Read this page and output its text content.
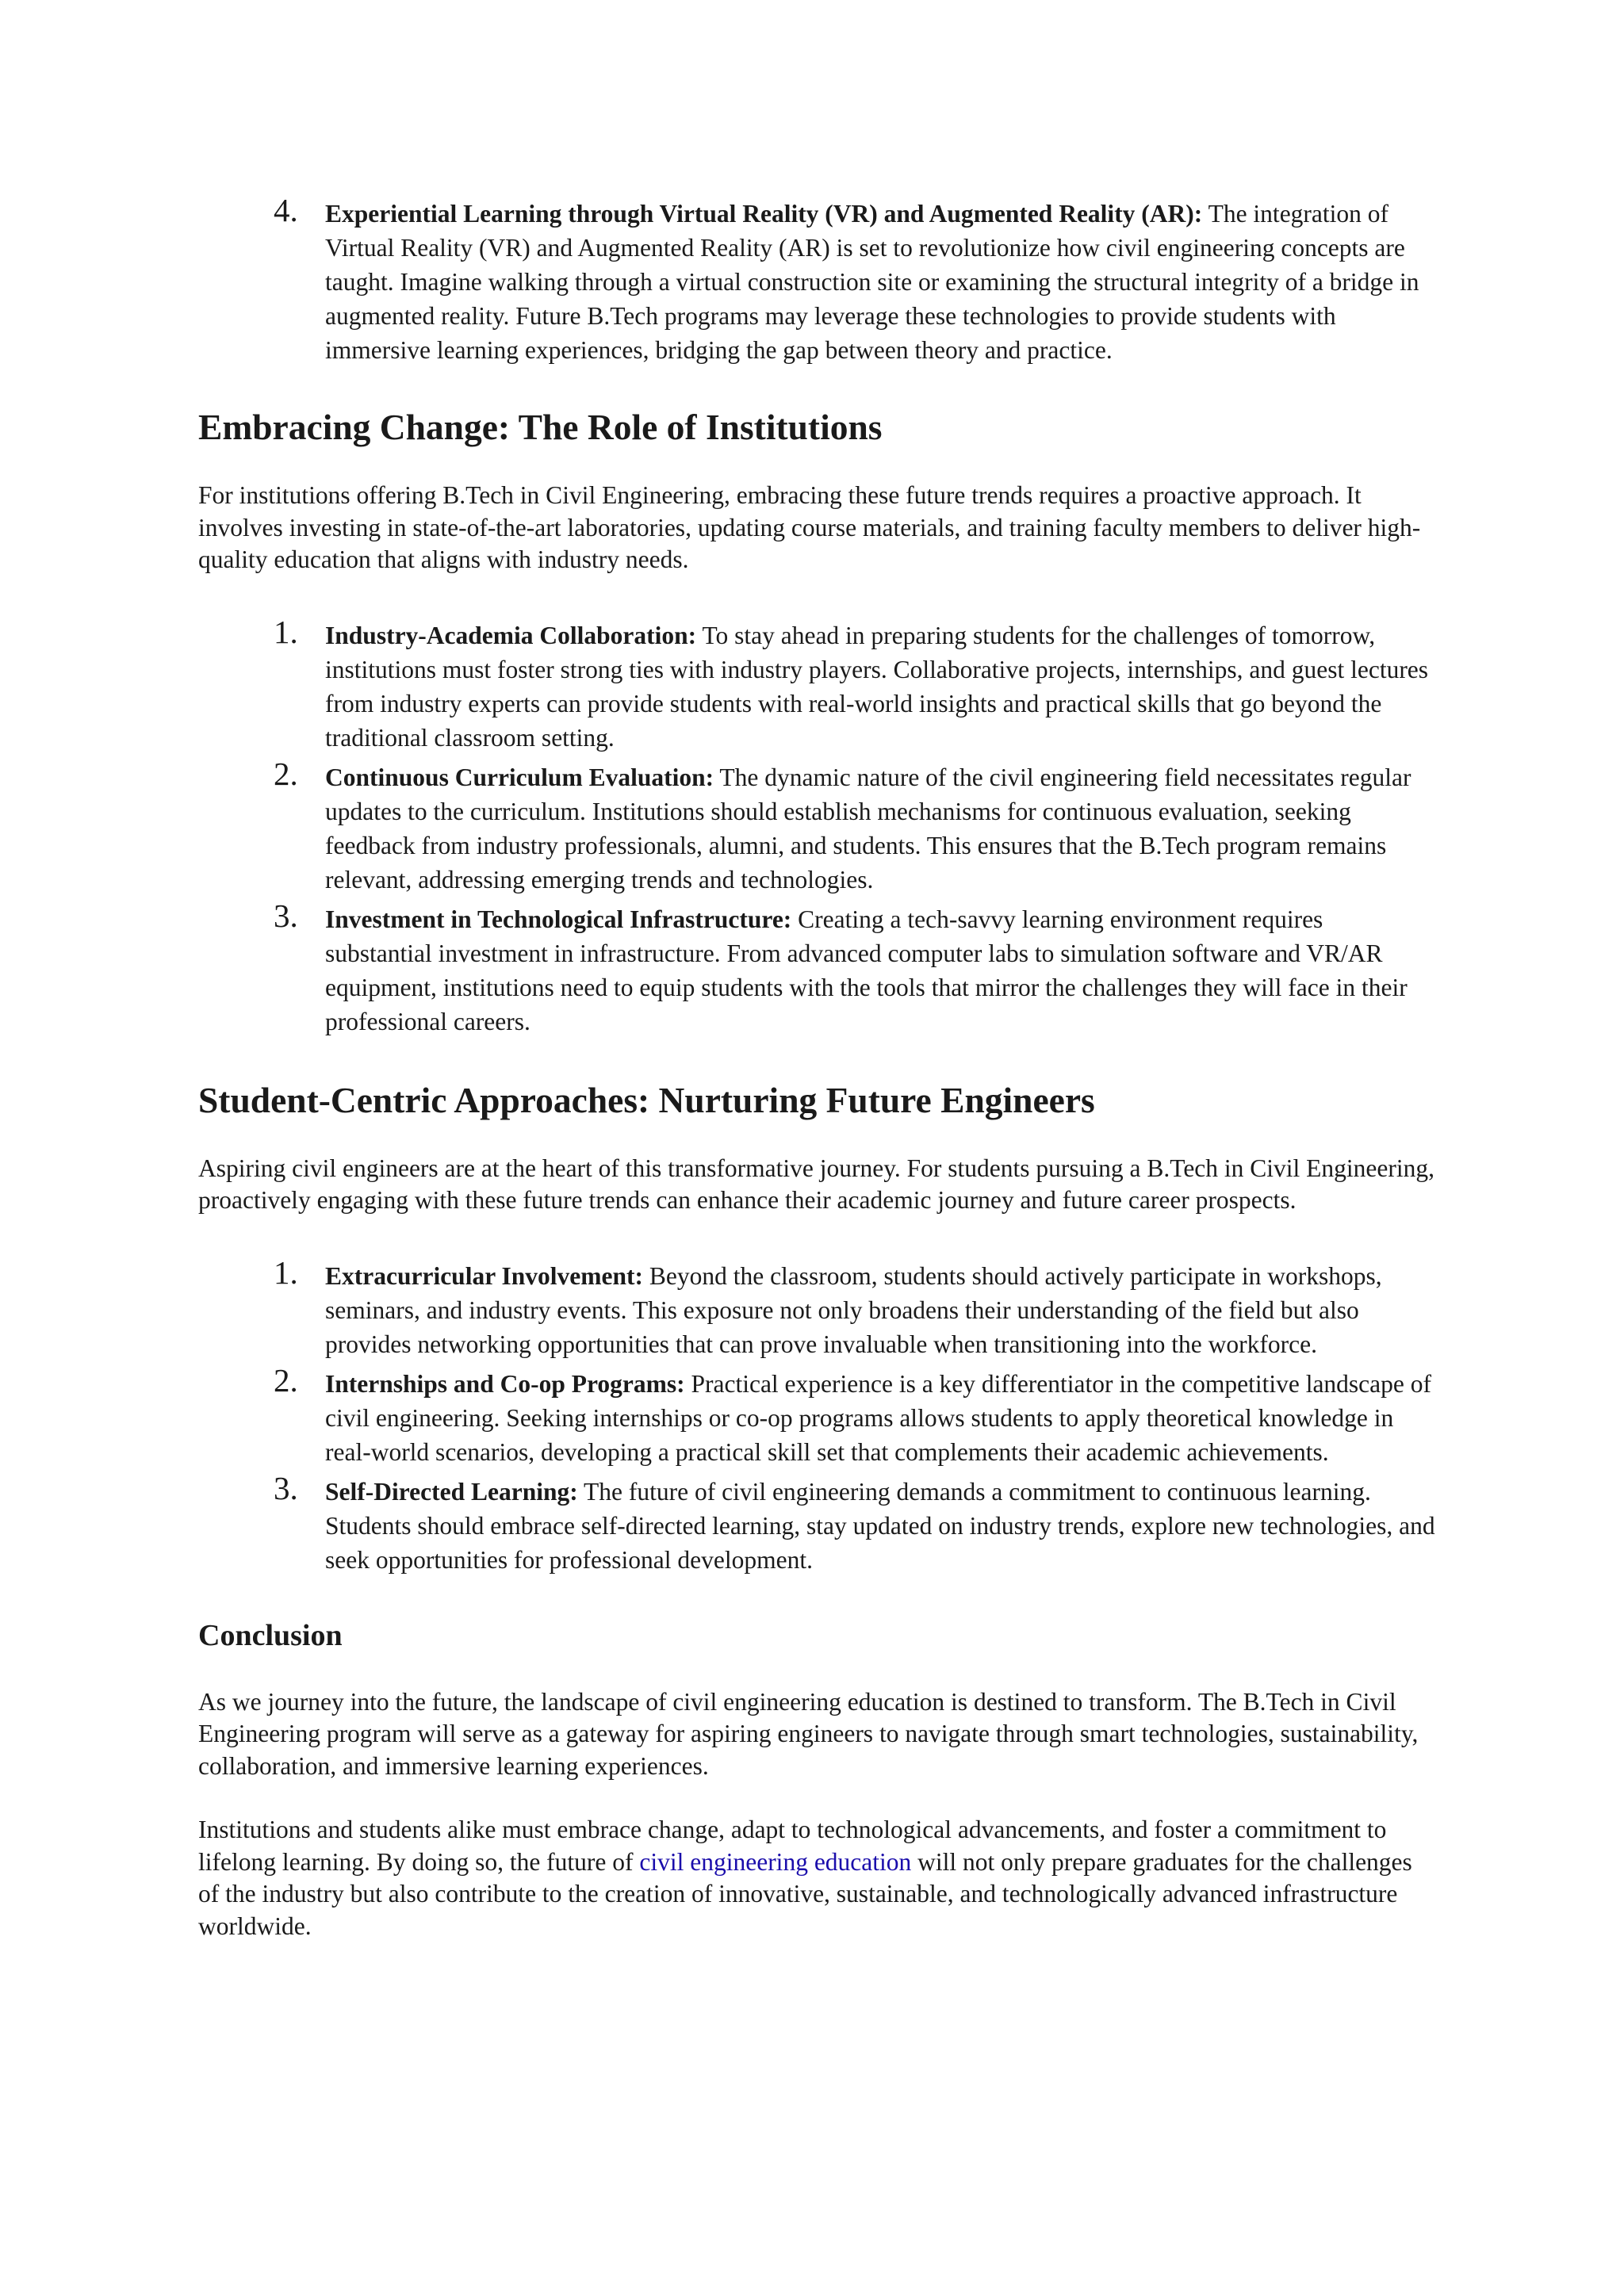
4. Experiential Learning through Virtual Reality (VR) and Augmented Reality (AR): The integration of Virtual Reality (VR) and Augmented Reality (AR) is set to revolutionize how civil engineering concepts are taught. Imagine walking through a virtual construction site or examining the structural integrity of a bridge in augmented reality. Future B.Tech programs may leverage these technologies to provide students with immersive learning experiences, bridging the gap between theory and practice.
Embracing Change: The Role of Institutions

For institutions offering B.Tech in Civil Engineering, embracing these future trends requires a proactive approach. It involves investing in state-of-the-art laboratories, updating course materials, and training faculty members to deliver high-quality education that aligns with industry needs.

1. Industry-Academia Collaboration: To stay ahead in preparing students for the challenges of tomorrow, institutions must foster strong ties with industry players. Collaborative projects, internships, and guest lectures from industry experts can provide students with real-world insights and practical skills that go beyond the traditional classroom setting.
2. Continuous Curriculum Evaluation: The dynamic nature of the civil engineering field necessitates regular updates to the curriculum. Institutions should establish mechanisms for continuous evaluation, seeking feedback from industry professionals, alumni, and students. This ensures that the B.Tech program remains relevant, addressing emerging trends and technologies.
3. Investment in Technological Infrastructure: Creating a tech-savvy learning environment requires substantial investment in infrastructure. From advanced computer labs to simulation software and VR/AR equipment, institutions need to equip students with the tools that mirror the challenges they will face in their professional careers.
Student-Centric Approaches: Nurturing Future Engineers

Aspiring civil engineers are at the heart of this transformative journey. For students pursuing a B.Tech in Civil Engineering, proactively engaging with these future trends can enhance their academic journey and future career prospects.

1. Extracurricular Involvement: Beyond the classroom, students should actively participate in workshops, seminars, and industry events. This exposure not only broadens their understanding of the field but also provides networking opportunities that can prove invaluable when transitioning into the workforce.
2. Internships and Co-op Programs: Practical experience is a key differentiator in the competitive landscape of civil engineering. Seeking internships or co-op programs allows students to apply theoretical knowledge in real-world scenarios, developing a practical skill set that complements their academic achievements.
3. Self-Directed Learning: The future of civil engineering demands a commitment to continuous learning. Students should embrace self-directed learning, stay updated on industry trends, explore new technologies, and seek opportunities for professional development.
Conclusion

As we journey into the future, the landscape of civil engineering education is destined to transform. The B.Tech in Civil Engineering program will serve as a gateway for aspiring engineers to navigate through smart technologies, sustainability, collaboration, and immersive learning experiences.

Institutions and students alike must embrace change, adapt to technological advancements, and foster a commitment to lifelong learning. By doing so, the future of civil engineering education will not only prepare graduates for the challenges of the industry but also contribute to the creation of innovative, sustainable, and technologically advanced infrastructure worldwide.
